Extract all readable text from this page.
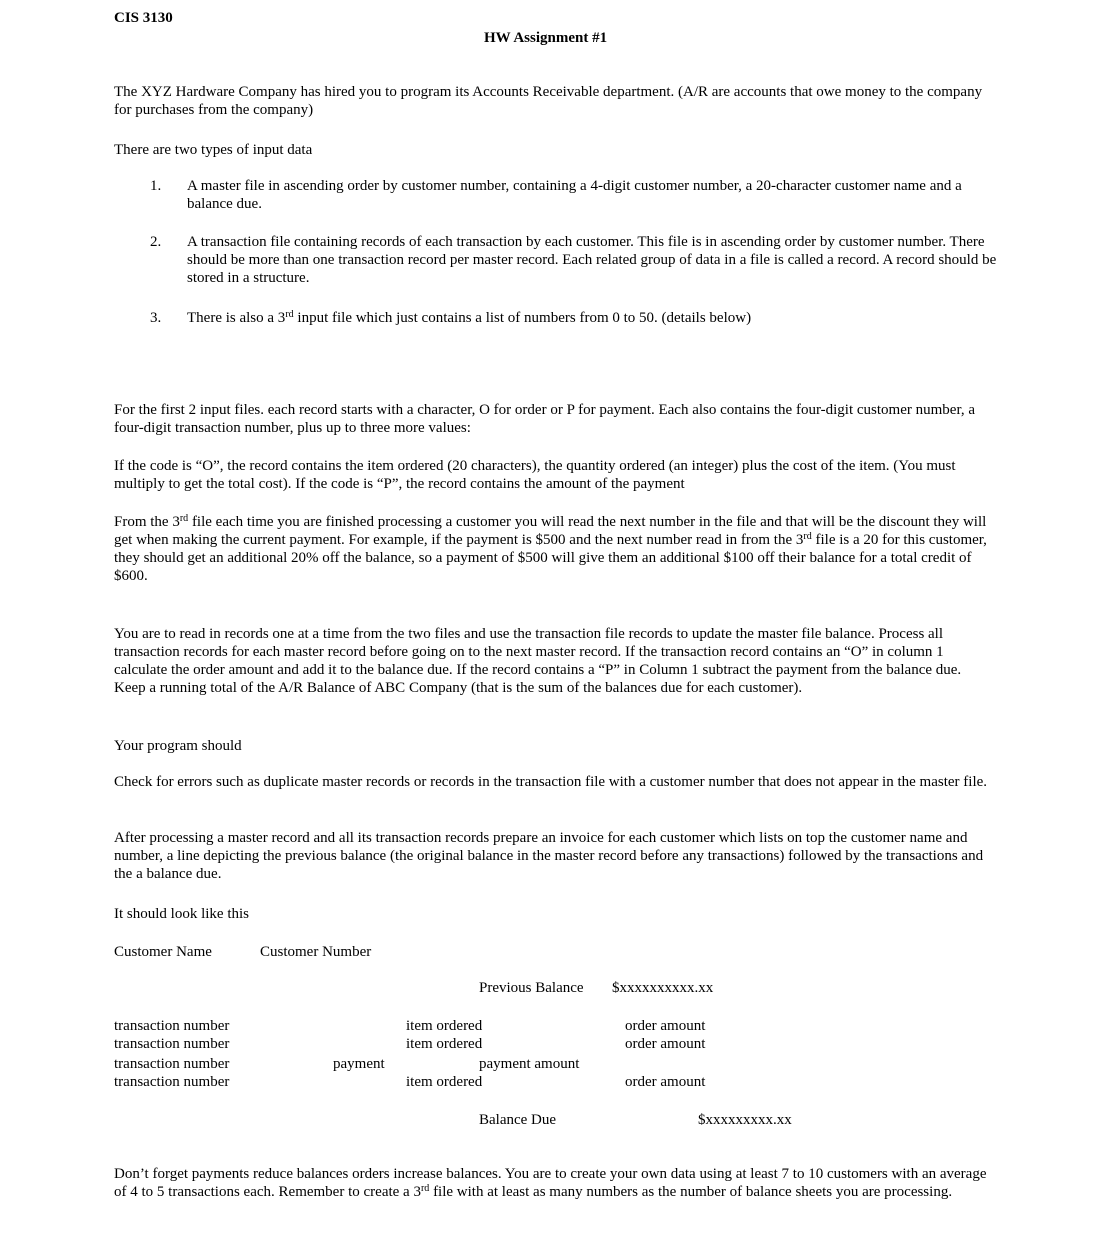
CIS 3130
HW Assignment #1
The XYZ Hardware Company has hired you to program its Accounts Receivable department. (A/R are accounts that owe money to the company for purchases from the company)
There are two types of input data
1. A master file in ascending order by customer number, containing a 4-digit customer number, a 20-character customer name and a balance due.
2. A transaction file containing records of each transaction by each customer. This file is in ascending order by customer number. There should be more than one transaction record per master record. Each related group of data in a file is called a record. A record should be stored in a structure.
3. There is also a 3rd input file which just contains a list of numbers from 0 to 50. (details below)
For the first 2 input files. each record starts with a character, O for order or P for payment. Each also contains the four-digit customer number, a four-digit transaction number, plus up to three more values:
If the code is “O”, the record contains the item ordered (20 characters), the quantity ordered (an integer) plus the cost of the item. (You must multiply to get the total cost). If the code is “P”, the record contains the amount of the payment
From the 3rd file each time you are finished processing a customer you will read the next number in the file and that will be the discount they will get when making the current payment. For example, if the payment is $500 and the next number read in from the 3rd file is a 20 for this customer, they should get an additional 20% off the balance, so a payment of $500 will give them an additional $100 off their balance for a total credit of $600.
You are to read in records one at a time from the two files and use the transaction file records to update the master file balance. Process all transaction records for each master record before going on to the next master record. If the transaction record contains an “O” in column 1 calculate the order amount and add it to the balance due. If the record contains a “P” in Column 1 subtract the payment from the balance due. Keep a running total of the A/R Balance of ABC Company (that is the sum of the balances due for each customer).
Your program should
Check for errors such as duplicate master records or records in the transaction file with a customer number that does not appear in the master file.
After processing a master record and all its transaction records prepare an invoice for each customer which lists on top the customer name and number, a line depicting the previous balance (the original balance in the master record before any transactions) followed by the transactions and the a balance due.
It should look like this
Customer Name	Customer Number
Previous Balance $xxxxxxxxxx.xx
transaction number	item ordered	order amount
transaction number	item ordered	order amount
transaction number	payment	payment amount
transaction number	item ordered	order amount
Balance Due	$xxxxxxxxx.xx
Don’t forget payments reduce balances orders increase balances. You are to create your own data using at least 7 to 10 customers with an average of 4 to 5 transactions each. Remember to create a 3rd file with at least as many numbers as the number of balance sheets you are processing.
